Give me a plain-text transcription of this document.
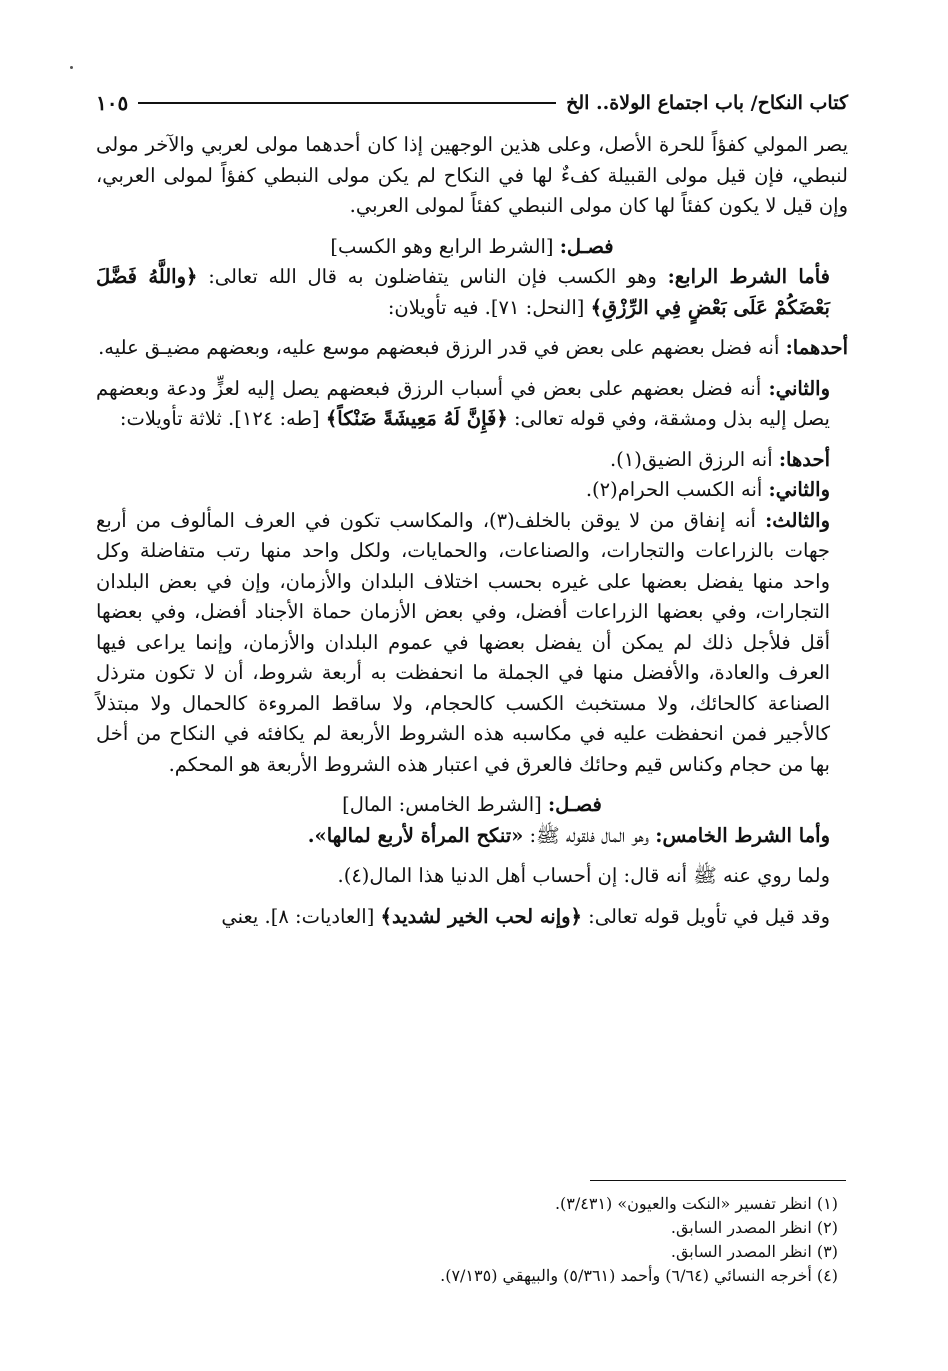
كتاب النكاح/ باب اجتماع الولاة.. الخ
١٠٥

يصر المولي كفؤاً للحرة الأصل، وعلى هذين الوجهين إذا كان أحدهما مولى لعربي والآخر مولى لنبطي، فإن قيل مولى القبيلة كفءٌ لها في النكاح لم يكن مولى النبطي كفؤاً لمولى العربي، وإن قيل لا يكون كفئاً لها كان مولى النبطي كفئاً لمولى العربي.

فصـل: [الشرط الرابع وهو الكسب]

فأما الشرط الرابع: وهو الكسب فإن الناس يتفاضلون به قال الله تعالى: ﴿واللَّهُ فَضَّلَ بَعْضَكُمْ عَلَى بَعْضٍ فِي الرِّزْقِ﴾ [النحل: ٧١]. فيه تأويلان:

أحدهما: أنه فضل بعضهم على بعض في قدر الرزق فبعضهم موسع عليه، وبعضهم مضيـق عليه.

والثاني: أنه فضل بعضهم على بعض في أسباب الرزق فبعضهم يصل إليه لعزٍّ ودعة وبعضهم يصل إليه بذل ومشقة، وفي قوله تعالى: ﴿فَإِنَّ لَهُ مَعِيشَةً ضَنْكاً﴾ [طه: ١٢٤]. ثلاثة تأويلات:

أحدها: أنه الرزق الضيق(١).

والثاني: أنه الكسب الحرام(٢).

والثالث: أنه إنفاق من لا يوقن بالخلف(٣)، والمكاسب تكون في العرف المألوف من أربع جهات بالزراعات والتجارات، والصناعات، والحمايات، ولكل واحد منها رتب متفاضلة وكل واحد منها يفضل بعضها على غيره بحسب اختلاف البلدان والأزمان، وإن في بعض البلدان التجارات، وفي بعضها الزراعات أفضل، وفي بعض الأزمان حماة الأجناد أفضل، وفي بعضها أقل فلأجل ذلك لم يمكن أن يفضل بعضها في عموم البلدان والأزمان، وإنما يراعى فيها العرف والعادة، والأفضل منها في الجملة ما انحفظت به أربعة شروط، أن لا تكون مترذل الصناعة كالحائك، ولا مستخبث الكسب كالحجام، ولا ساقط المروءة كالحمال ولا مبتذلاً كالأجير فمن انحفظت عليه في مكاسبه هذه الشروط الأربعة لم يكافئه في النكاح من أخل بها من حجام وكناس قيم وحائك فالعرق في اعتبار هذه الشروط الأربعة هو المحكم.

فصـل: [الشرط الخامس: المال]

وأما الشرط الخامس: وهو المال فلقوله ﷺ: «تنكح المرأة لأربع لمالها».

ولما روي عنه ﷺ أنه قال: إن أحساب أهل الدنيا هذا المال(٤).

وقد قيل في تأويل قوله تعالى: ﴿وإنه لحب الخير لشديد﴾ [العاديات: ٨]. يعني

(١) انظر تفسير «النكت والعيون» (٣/٤٣١).
(٢) انظر المصدر السابق.
(٣) انظر المصدر السابق.
(٤) أخرجه النسائي (٦/٦٤) وأحمد (٥/٣٦١) والبيهقي (٧/١٣٥).
